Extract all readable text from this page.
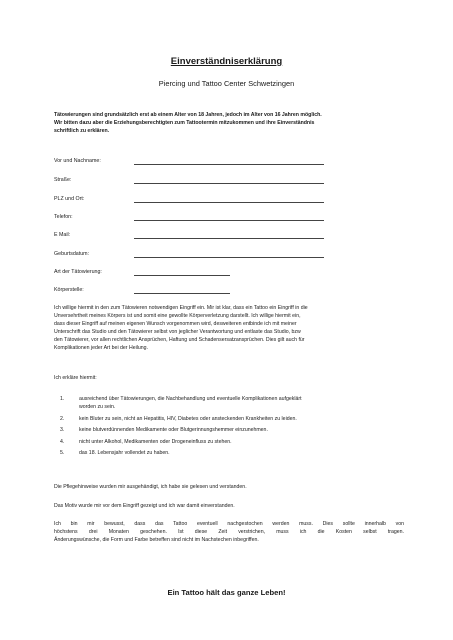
Einverständniserklärung
Piercing und Tattoo Center Schwetzingen
Tätowierungen sind grundsätzlich erst ab einem Alter von 18 Jahren, jedoch im Alter von 16 Jahren möglich.
Wir bitten dazu aber die Erziehungsberechtigten zum Tattootermin mitzukommen und ihre Einverständnis
schriftlich zu erklären.
Vor und Nachname:
Straße:
PLZ und Ort:
Telefon:
E Mail:
Geburtsdatum:
Art der Tätowierung:
Körperstelle:
Ich willige hiermit in den zum Tätowieren notwendigen Eingriff ein. Mir ist klar, dass ein Tattoo ein Eingriff in die
Unversehrtheit meines Körpers ist und somit eine gewollte Körperverletzung darstellt. Ich willige hiermit ein,
dass dieser Eingriff auf meinen eigenen Wunsch vorgenommen wird, desweiteren entbinde ich mit meiner
Unterschrift das Studio und den Tätowierer selbst von jeglicher Verantwortung und entlaste das Studio, bzw
den Tätowierer, vor allen rechtlichen Ansprüchen, Haftung und Schadensersatzansprüchen. Dies gilt auch für
Komplikationen jeder Art bei der Heilung.
Ich erkläre hiermit:
1.	ausreichend über Tätowierungen, die Nachbehandlung und eventuelle Komplikationen aufgeklärt
worden zu sein.
2.	kein Bluter zu sein, nicht an Hepatitis, HIV, Diabetes oder ansteckenden Krankheiten zu leiden.
3.	keine blutverdünnenden Medikamente oder Blutgerinnungshemmer einzunehmen.
4.	nicht unter Alkohol, Medikamenten oder Drogeneinfluss zu stehen.
5.	das 18. Lebensjahr vollendet zu haben.
Die Pflegehinweise wurden mir ausgehändigt, ich habe sie gelesen und verstanden.
Das Motiv wurde mir vor dem Eingriff gezeigt und ich war damit einverstanden.
Ich bin mir bewusst, dass das Tattoo eventuell nachgestochen werden muss. Dies sollte innerhalb von
höchstens drei Monaten geschehen. Ist diese Zeit verstrichen, muss ich die Kosten selbst tragen.
Änderungswünsche, die Form und Farbe betreffen sind nicht im Nachstechen inbegriffen.
Ein Tattoo hält das ganze Leben!
